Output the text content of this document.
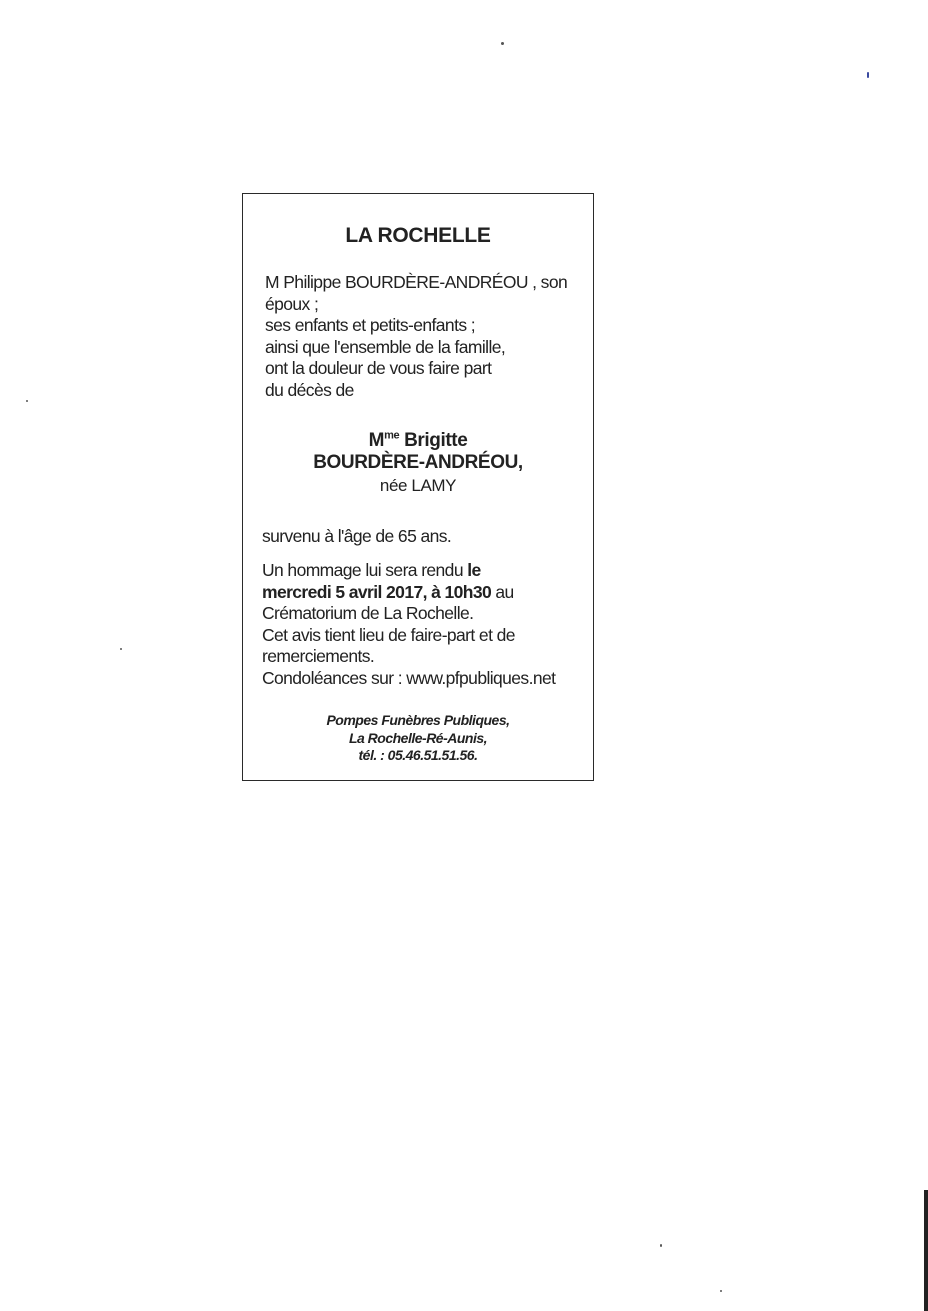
LA ROCHELLE
M Philippe BOURDÈRE-ANDRÉOU , son
époux ;
ses enfants et petits-enfants ;
ainsi que l'ensemble de la famille,
ont la douleur de vous faire part
du décès de
$M^{me}$ Brigitte
BOURDÈRE-ANDRÉOU,
née LAMY
survenu à l'âge de 65 ans.
Un hommage lui sera rendu le
mercredi 5 avril 2017, à 10h30 au
Crématorium de La Rochelle.
Cet avis tient lieu de faire-part et de
remerciements.
Condoléances sur : www.pfpubliques.net
Pompes Funèbres Publiques,
La Rochelle-Ré-Aunis,
tél. : 05.46.51.51.56.
